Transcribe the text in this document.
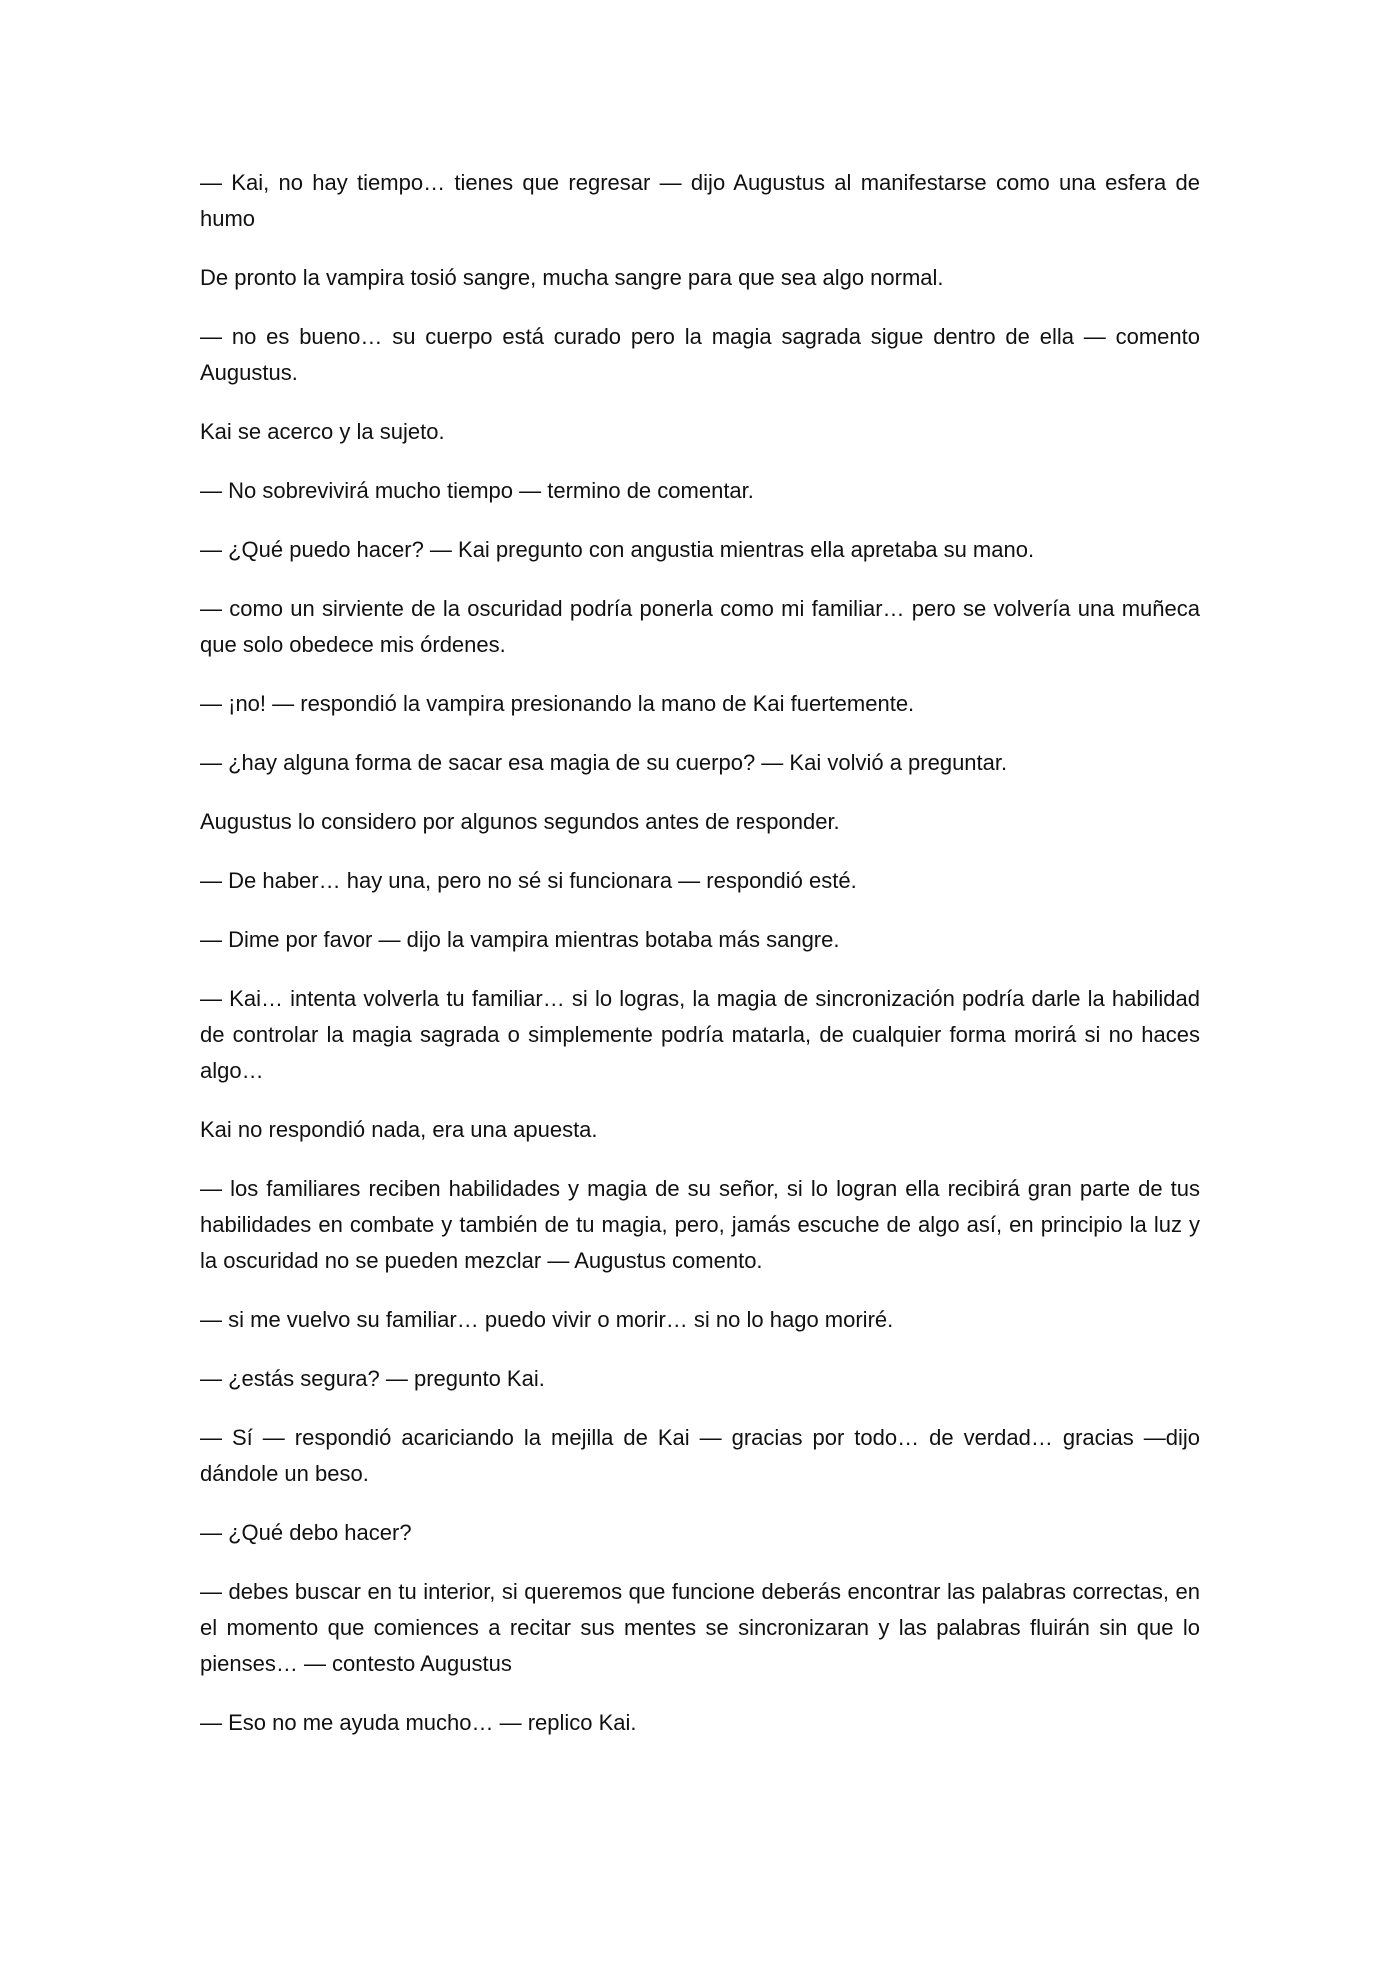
— Kai, no hay tiempo… tienes que regresar — dijo Augustus al manifestarse como una esfera de humo

De pronto la vampira tosió sangre, mucha sangre para que sea algo normal.

— no es bueno… su cuerpo está curado pero la magia sagrada sigue dentro de ella — comento Augustus.

Kai se acerco y la sujeto.

— No sobrevivirá mucho tiempo — termino de comentar.

— ¿Qué puedo hacer? — Kai pregunto con angustia mientras ella apretaba su mano.

— como un sirviente de la oscuridad podría ponerla como mi familiar… pero se volvería una muñeca que solo obedece mis órdenes.

— ¡no! — respondió la vampira presionando la mano de Kai fuertemente.

— ¿hay alguna forma de sacar esa magia de su cuerpo? — Kai volvió a preguntar.

Augustus lo considero por algunos segundos antes de responder.

— De haber… hay una, pero no sé si funcionara — respondió esté.

— Dime por favor — dijo la vampira mientras botaba más sangre.

— Kai… intenta volverla tu familiar… si lo logras, la magia de sincronización podría darle la habilidad de controlar la magia sagrada o simplemente podría matarla, de cualquier forma morirá si no haces algo…

Kai no respondió nada, era una apuesta.

— los familiares reciben habilidades y magia de su señor, si lo logran ella recibirá gran parte de tus habilidades en combate y también de tu magia, pero, jamás escuche de algo así, en principio la luz y la oscuridad no se pueden mezclar — Augustus comento.

— si me vuelvo su familiar… puedo vivir o morir… si no lo hago moriré.

— ¿estás segura? — pregunto Kai.

— Sí — respondió acariciando la mejilla de Kai — gracias por todo… de verdad… gracias —dijo dándole un beso.

— ¿Qué debo hacer?

— debes buscar en tu interior, si queremos que funcione deberás encontrar las palabras correctas, en el momento que comiences a recitar sus mentes se sincronizaran y las palabras fluirán sin que lo pienses… — contesto Augustus

— Eso no me ayuda mucho… — replico Kai.
